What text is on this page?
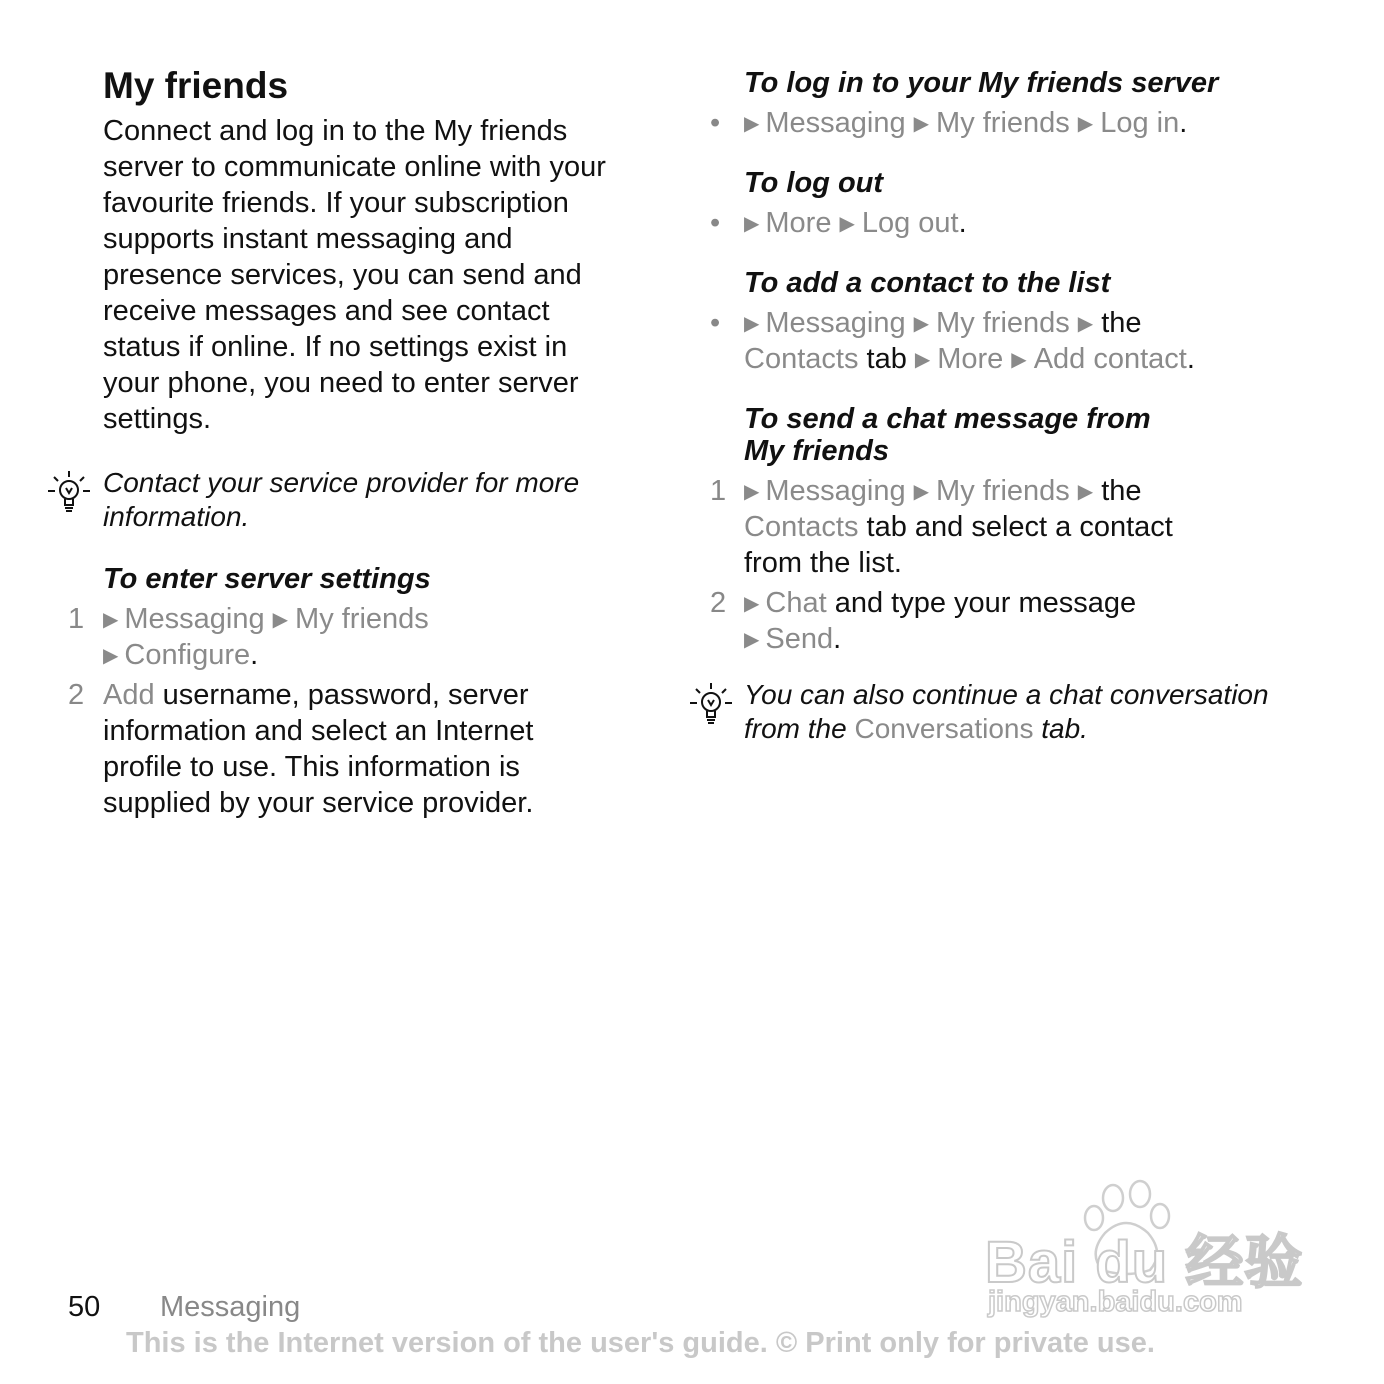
My friends
Connect and log in to the My friends
server to communicate online with your
favourite friends. If your subscription
supports instant messaging and
presence services, you can send and
receive messages and see contact
status if online. If no settings exist in
your phone, you need to enter server
settings.
Contact your service provider for more
information.
To enter server settings
1 ▶ Messaging ▶ My friends
▶ Configure.
2 Add username, password, server
information and select an Internet
profile to use. This information is
supplied by your service provider.
To log in to your My friends server
• ▶ Messaging ▶ My friends ▶ Log in.
To log out
• ▶ More ▶ Log out.
To add a contact to the list
• ▶ Messaging ▶ My friends ▶ the
Contacts tab ▶ More ▶ Add contact.
To send a chat message from
My friends
1 ▶ Messaging ▶ My friends ▶ the
Contacts tab and select a contact
from the list.
2 ▶ Chat and type your message
▶ Send.
You can also continue a chat conversation
from the Conversations tab.
Bai du 经验
jingyan.baidu.com
50 Messaging
This is the Internet version of the user's guide. © Print only for private use.
